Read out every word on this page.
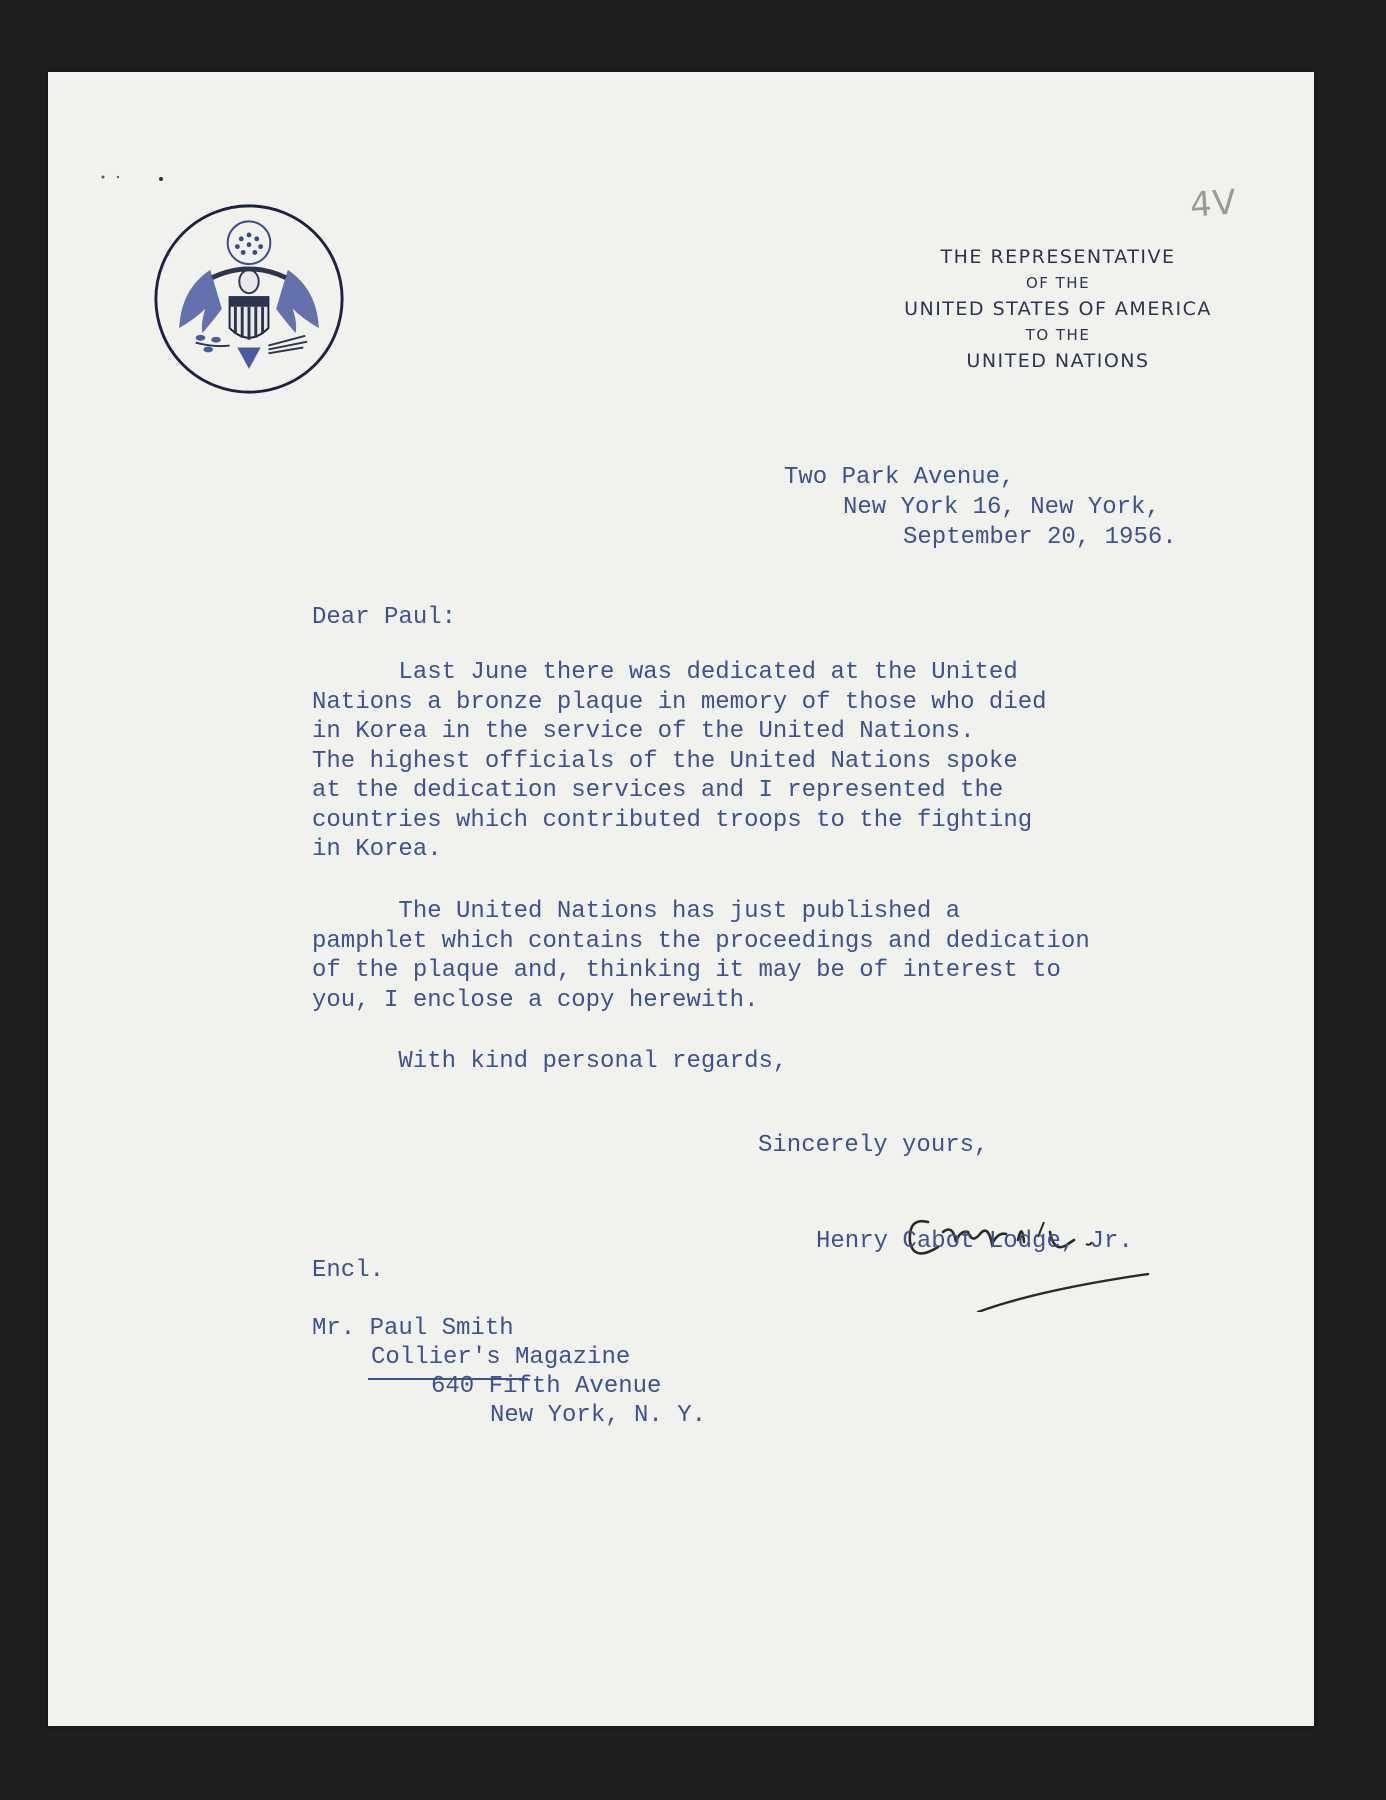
4V
THE REPRESENTATIVE
OF THE
UNITED STATES OF AMERICA
TO THE
UNITED NATIONS
Two Park Avenue,
New York 16, New York,
September 20, 1956.
Dear Paul:
Last June there was dedicated at the United
Nations a bronze plaque in memory of those who died
in Korea in the service of the United Nations.
The highest officials of the United Nations spoke
at the dedication services and I represented the
countries which contributed troops to the fighting
in Korea.
The United Nations has just published a
pamphlet which contains the proceedings and dedication
of the plaque and, thinking it may be of interest to
you, I enclose a copy herewith.
With kind personal regards,
Sincerely yours,
Henry Cabot Lodge, Jr.
Encl.
Mr. Paul Smith
Collier's Magazine
640 Fifth Avenue
New York, N. Y.
